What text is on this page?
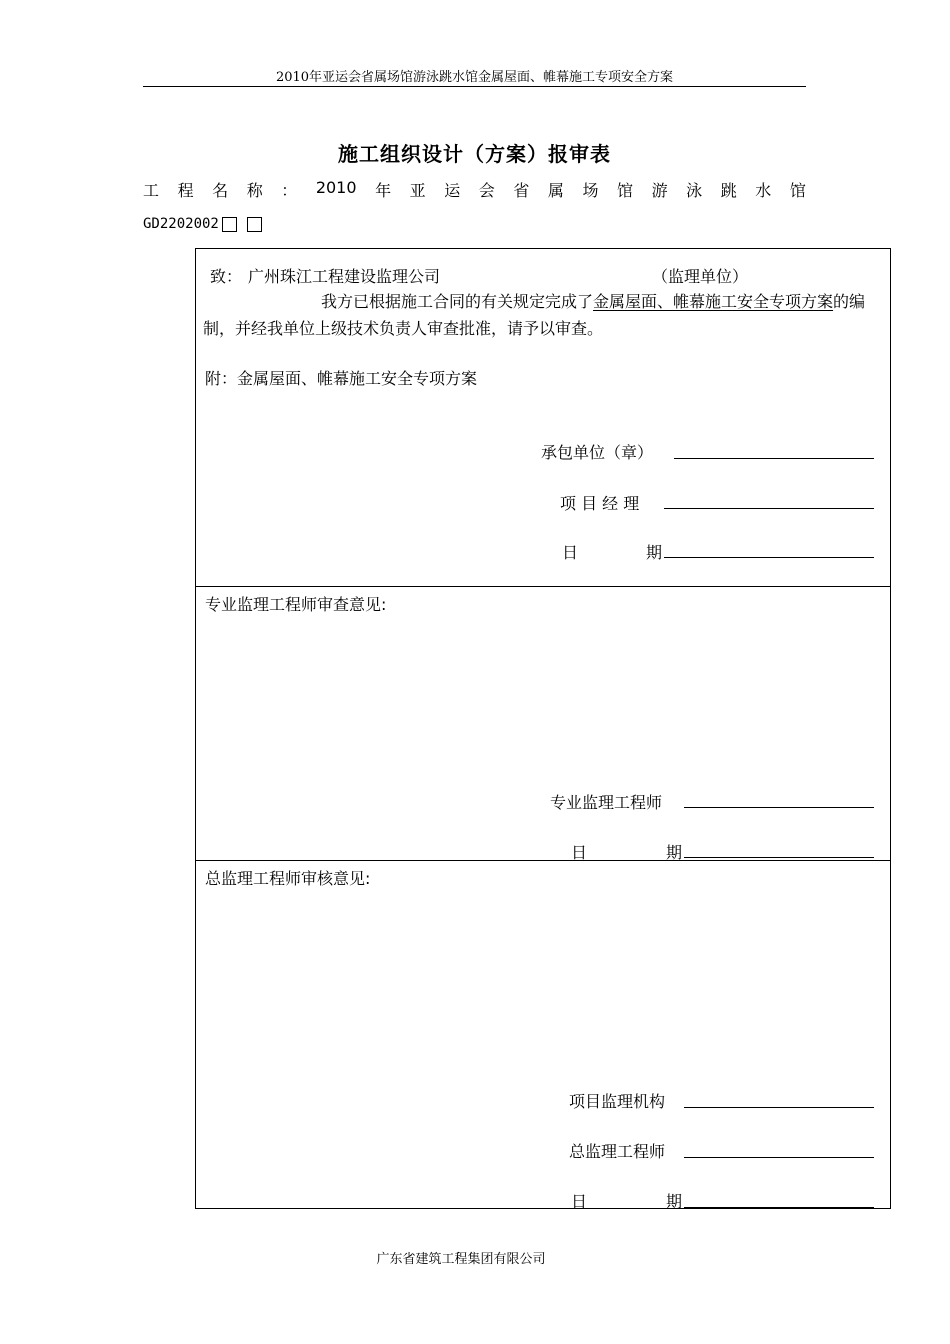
2010年亚运会省属场馆游泳跳水馆金属屋面、帷幕施工专项安全方案
施工组织设计（方案）报审表
工 程 名 称 ： 2010 年 亚 运 会 省 属 场 馆 游 泳 跳 水 馆
GD2202002
致： 广州珠江工程建设监理公司	（监理单位）
我方已根据施工合同的有关规定完成了金属屋面、帷幕施工安全专项方案的编制，并经我单位上级技术负责人审查批准，请予以审查。
附：金属屋面、帷幕施工安全专项方案
承包单位（章）
项 目 经 理
日	期
专业监理工程师审查意见:
专业监理工程师
日	期
总监理工程师审核意见:
项目监理机构
总监理工程师
日	期
广东省建筑工程集团有限公司
